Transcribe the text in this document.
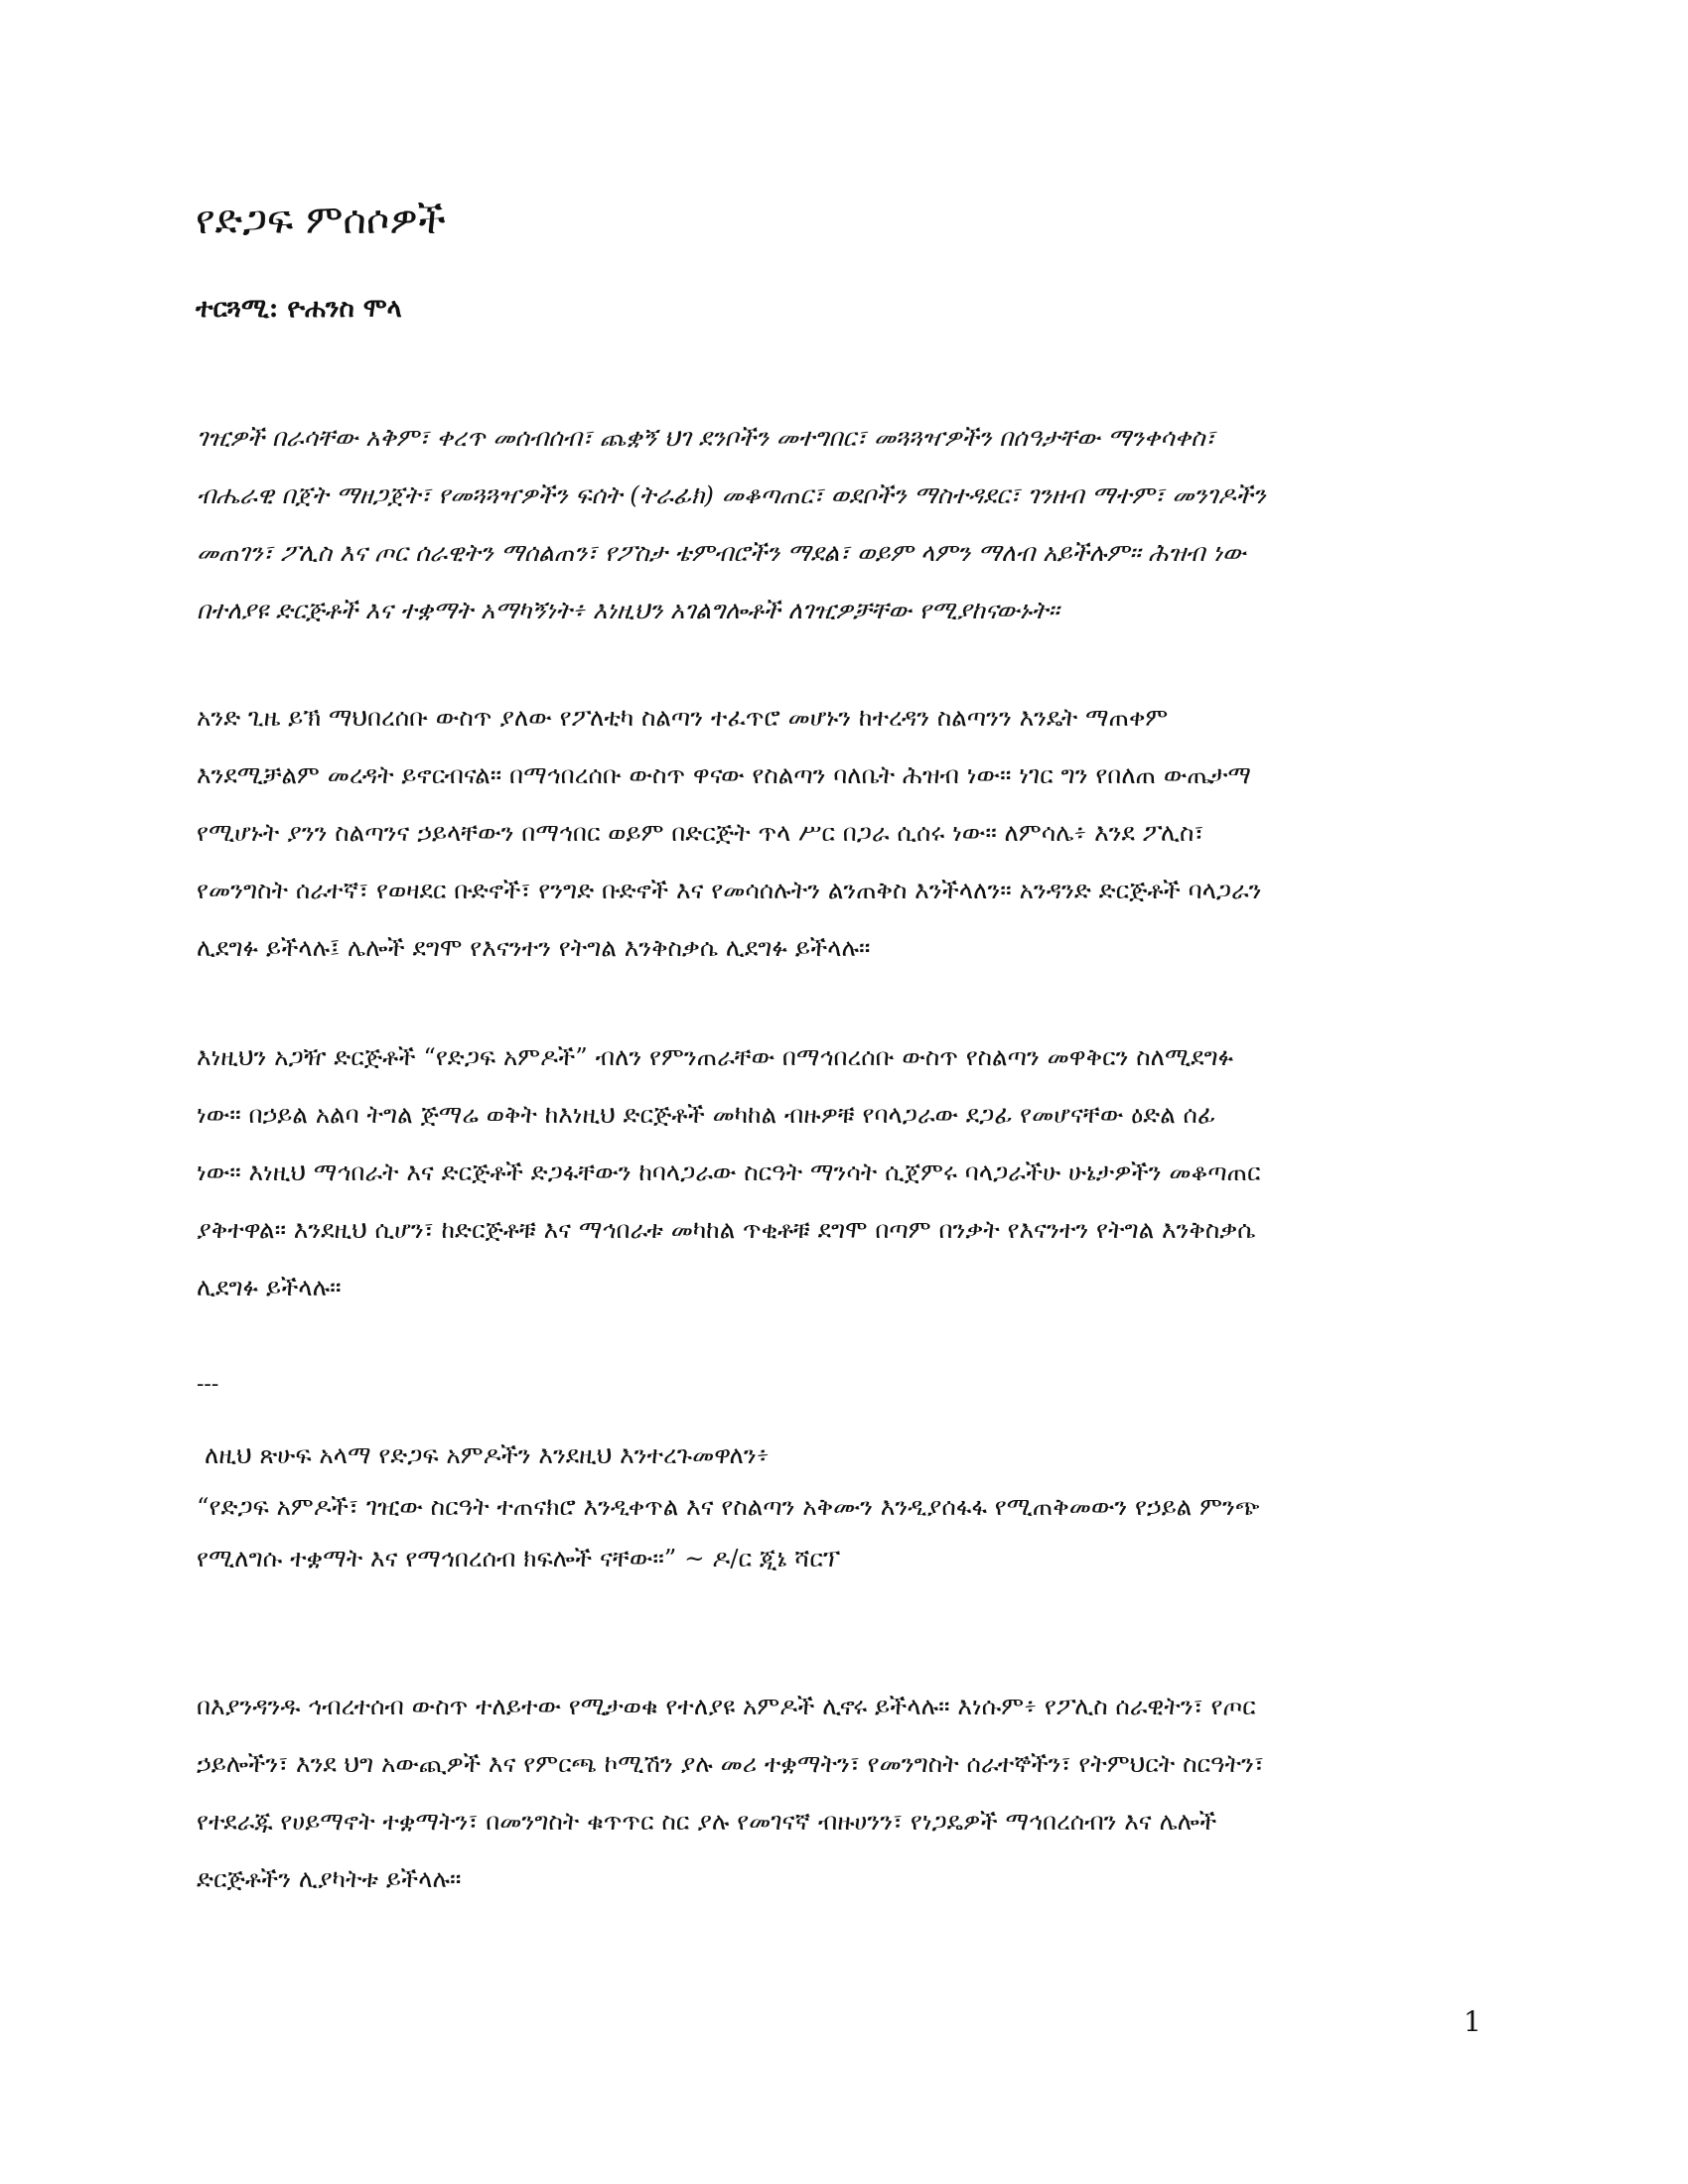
የድጋፍ ምሰሶዎች

ተርጓሚ: ዮሐንስ ሞላ

ገዢዎች በራሳቸው አቅም፣ ቀረጥ መሰብሰብ፣ ጨቋኝ ህገ ደንቦችን መተግበር፣ መጓጓዣዎችን በሰዓታቸው ማንቀሳቀስ፣
ብሔራዊ በጀት ማዘጋጀት፣ የመጓጓዣዎችን ፍሰት (ትራፊክ) መቆጣጠር፣ ወደቦችን ማስተዳደር፣ ገንዘብ ማተም፣ መንገዶችን
መጠገን፣ ፖሊስ እና ጦር ሰራዊትን ማሰልጠን፣ የፖስታ ቴምብሮችን ማደል፣ ወይም ላምን ማለብ አይችሉም። ሕዝብ ነው
በተለያዩ ድርጅቶች እና ተቋማት አማካኝነት፥ እነዚህን አገልግሎቶች ለገዢዎቻቸው የሚያከናውኑት።

አንድ ጊዜ ይኽ ማህበረሰቡ ውስጥ ያለው የፖለቲካ ስልጣን ተፈጥሮ መሆኑን ከተረዳን ስልጣንን እንዴት ማጠቀም
እንደሚቻልም መረዳት ይኖርብናል። በማኅበረሰቡ ውስጥ ዋናው የስልጣን ባለቤት ሕዝብ ነው። ነገር ግን የበለጠ ውጤታማ
የሚሆኑት ያንን ስልጣንና ኃይላቸውን በማኅበር ወይም በድርጅት ጥላ ሥር በጋራ ሲሰሩ ነው። ለምሳሌ፥ እንደ ፖሊስ፣
የመንግስት ሰራተኛ፣ የወዛደር ቡድኖች፣ የንግድ ቡድኖች እና የመሳሰሉትን ልንጠቅስ እንችላለን። አንዳንድ ድርጅቶች ባላጋራን
ሊደግፉ ይችላሉ፤ ሌሎች ደግሞ የእናንተን የትግል እንቅስቃሴ ሊደግፉ ይችላሉ።

እነዚህን አጋዥ ድርጅቶች “የድጋፍ አምዶች” ብለን የምንጠራቸው በማኅበረሰቡ ውስጥ የስልጣን መዋቅርን ስለሚደግፉ
ነው። በኃይል አልባ ትግል ጅማሬ ወቅት ከእነዚህ ድርጅቶች መካከል ብዙዎቹ የባላጋራው ደጋፊ የመሆናቸው ዕድል ሰፊ
ነው። እነዚህ ማኅበራት እና ድርጅቶች ድጋፋቸውን ከባላጋራው ስርዓት ማንሳት ሲጀምሩ ባላጋራችሁ ሁኔታዎችን መቆጣጠር
ያቅተዋል። እንደዚህ ሲሆን፣ ከድርጅቶቹ እና ማኅበራቱ መካከል ጥቂቶቹ ደግሞ በጣም በንቃት የእናንተን የትግል እንቅስቃሴ
ሊደግፉ ይችላሉ።

---

ለዚህ ጽሁፍ አላማ የድጋፍ አምዶችን እንደዚህ እንተረጉመዋለን፥
“የድጋፍ አምዶች፣ ገዢው ስርዓት ተጠናክሮ እንዲቀጥል እና የስልጣን አቅሙን እንዲያሰፋፋ የሚጠቅመውን የኃይል ምንጭ
የሚለግሱ ተቋማት እና የማኅበረሰብ ክፍሎች ናቸው።” ~ ዶ/ር ጂኔ ሻርፕ

በእያንዳንዱ ኅብረተሰብ ውስጥ ተለይተው የሚታወቁ የተለያዩ አምዶች ሊኖሩ ይችላሉ። እነሱም፥ የፖሊስ ሰራዊትን፣ የጦር
ኃይሎችን፣ እንደ ህግ አውጪዎች እና የምርጫ ኮሚሽን ያሉ መሪ ተቋማትን፣ የመንግስት ሰራተኞችን፣ የትምህርት ስርዓትን፣
የተደራጁ የሀይማኖት ተቋማትን፣ በመንግስት ቁጥጥር ስር ያሉ የመገናኛ ብዙሀንን፣ የነጋዴዎች ማኅበረሰብን እና ሌሎች
ድርጅቶችን ሊያካትቱ ይችላሉ።

1
